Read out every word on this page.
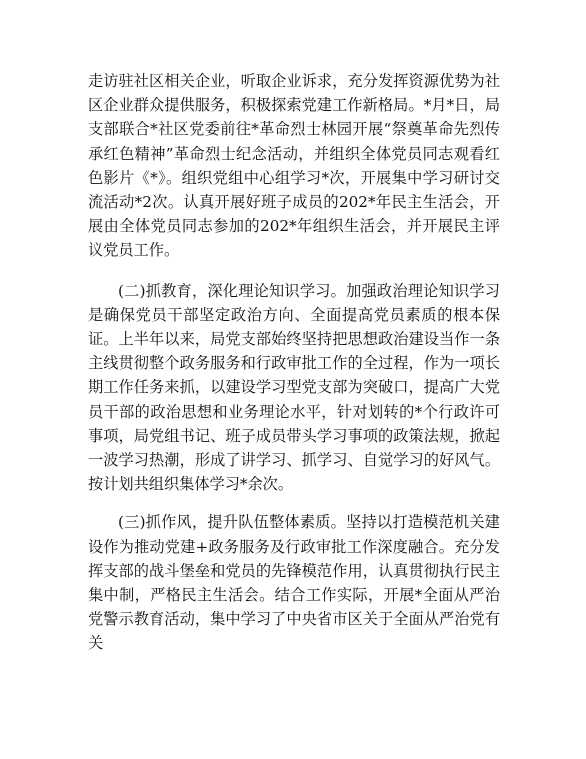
走访驻社区相关企业，听取企业诉求，充分发挥资源优势为社区企业群众提供服务，积极探索党建工作新格局。*月*日，局支部联合*社区党委前往*革命烈士林园开展“祭奠革命先烈传承红色精神”革命烈士纪念活动，并组织全体党员同志观看红色影片《*》。组织党组中心组学习*次，开展集中学习研讨交流活动*2次。认真开展好班子成员的202*年民主生活会，开展由全体党员同志参加的202*年组织生活会，并开展民主评议党员工作。

(二)抓教育，深化理论知识学习。加强政治理论知识学习是确保党员干部坚定政治方向、全面提高党员素质的根本保证。上半年以来，局党支部始终坚持把思想政治建设当作一条主线贯彻整个政务服务和行政审批工作的全过程，作为一项长期工作任务来抓，以建设学习型党支部为突破口，提高广大党员干部的政治思想和业务理论水平，针对划转的*个行政许可事项，局党组书记、班子成员带头学习事项的政策法规，掀起一波学习热潮，形成了讲学习、抓学习、自觉学习的好风气。按计划共组织集体学习*余次。

(三)抓作风，提升队伍整体素质。坚持以打造模范机关建设作为推动党建+政务服务及行政审批工作深度融合。充分发挥支部的战斗堡垒和党员的先锋模范作用，认真贯彻执行民主集中制，严格民主生活会。结合工作实际，开展*全面从严治党警示教育活动，集中学习了中央省市区关于全面从严治党有关
